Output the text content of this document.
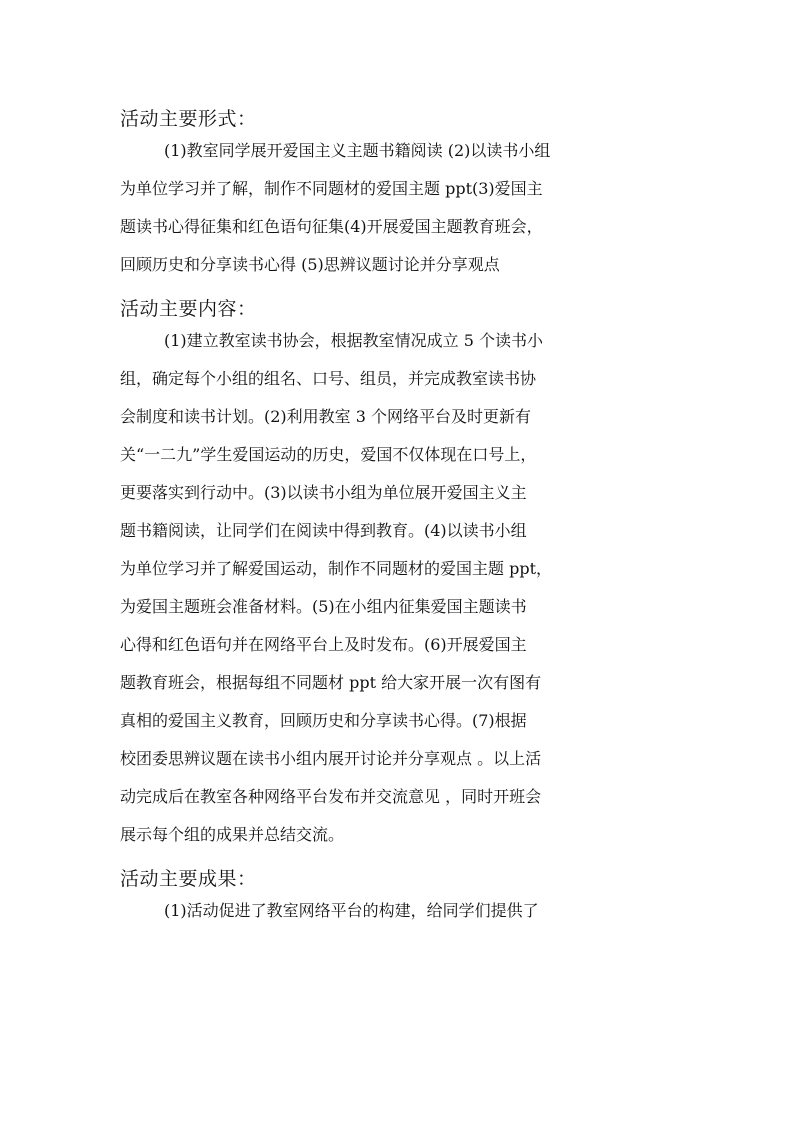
活动主要形式：
(1)教室同学展开爱国主义主题书籍阅读 (2)以读书小组
为单位学习并了解，制作不同题材的爱国主题 ppt(3)爱国主
题读书心得征集和红色语句征集(4)开展爱国主题教育班会，
回顾历史和分享读书心得 (5)思辨议题讨论并分享观点
活动主要内容：
(1)建立教室读书协会，根据教室情况成立 5 个读书小
组，确定每个小组的组名、口号、组员，并完成教室读书协
会制度和读书计划。(2)利用教室 3 个网络平台及时更新有
关“一二九”学生爱国运动的历史，爱国不仅体现在口号上，
更要落实到行动中。(3)以读书小组为单位展开爱国主义主
题书籍阅读，让同学们在阅读中得到教育。(4)以读书小组
为单位学习并了解爱国运动，制作不同题材的爱国主题 ppt，
为爱国主题班会准备材料。(5)在小组内征集爱国主题读书
心得和红色语句并在网络平台上及时发布。(6)开展爱国主
题教育班会，根据每组不同题材 ppt 给大家开展一次有图有
真相的爱国主义教育，回顾历史和分享读书心得。(7)根据
校团委思辨议题在读书小组内展开讨论并分享观点 。以上活
动完成后在教室各种网络平台发布并交流意见 ，同时开班会
展示每个组的成果并总结交流。
活动主要成果：
(1)活动促进了教室网络平台的构建，给同学们提供了
